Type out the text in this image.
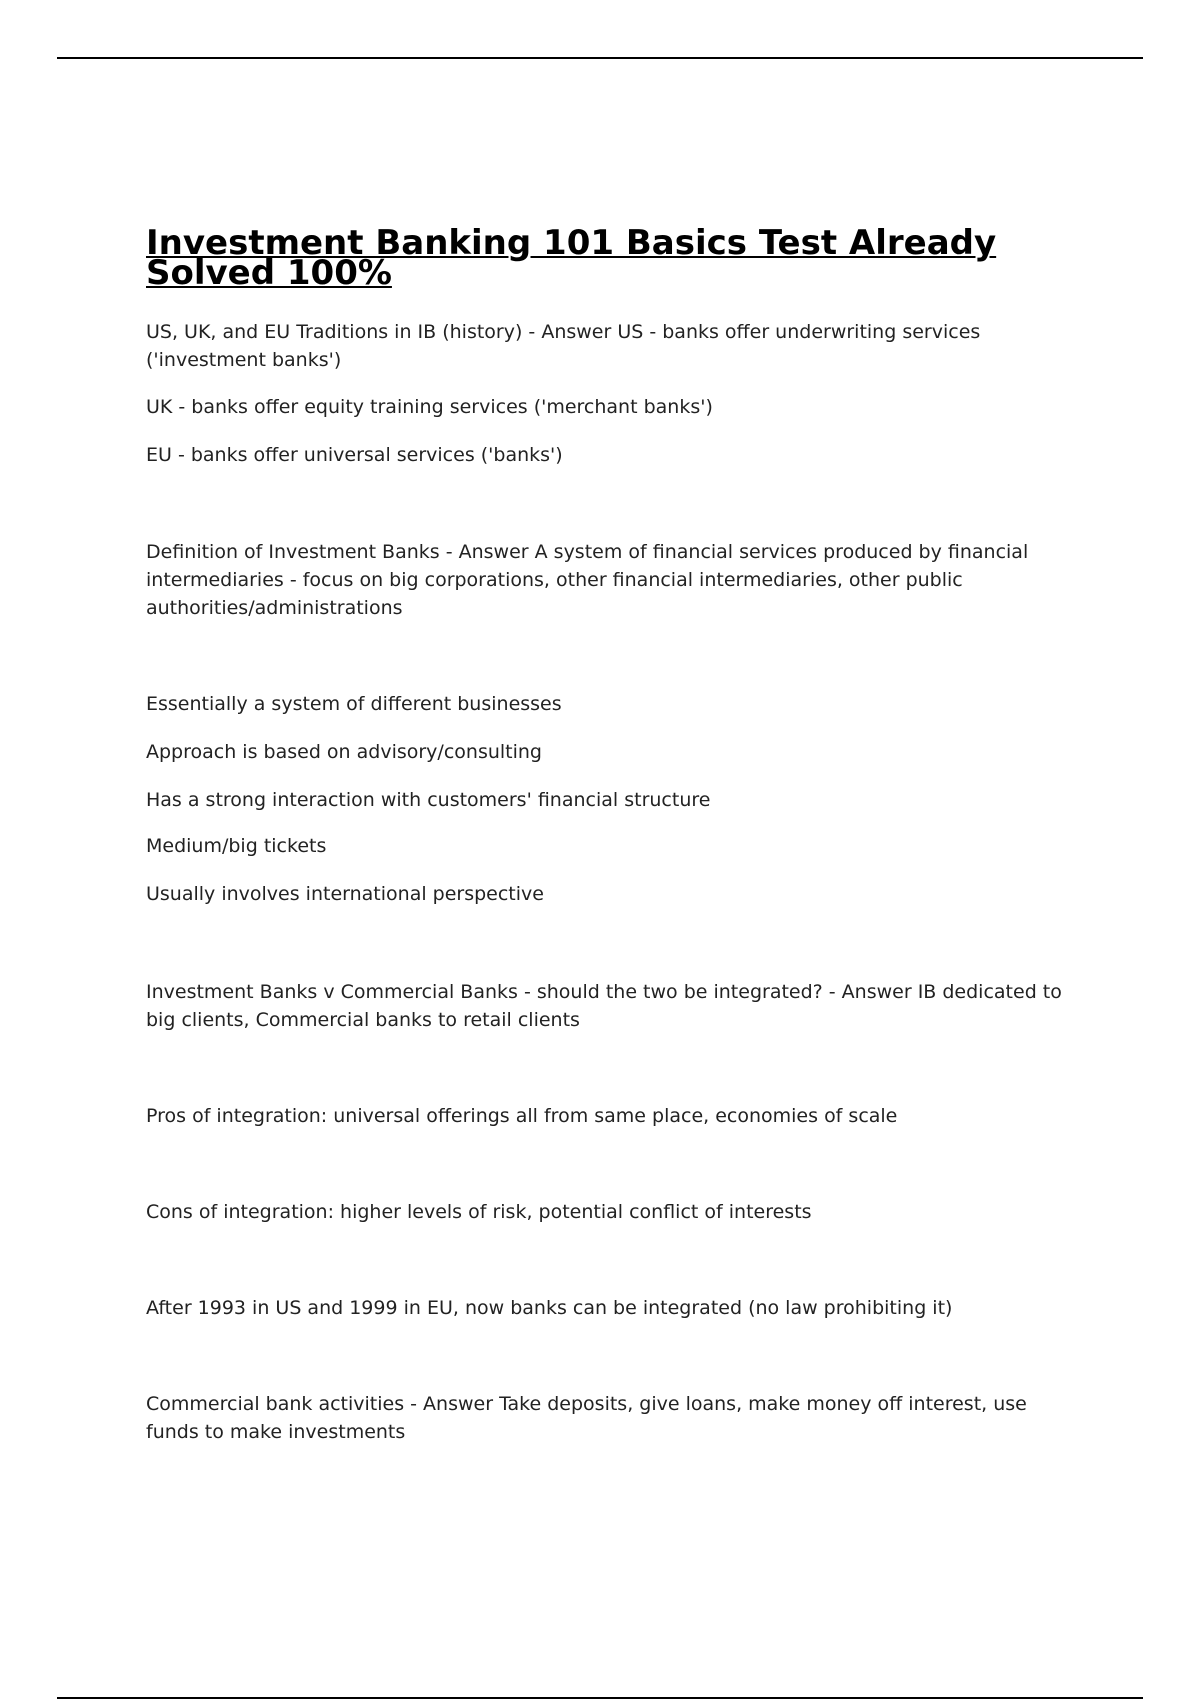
Investment Banking 101 Basics Test Already Solved 100%

US, UK, and EU Traditions in IB (history) - Answer US - banks offer underwriting services ('investment banks')

UK - banks offer equity training services ('merchant banks')

EU - banks offer universal services ('banks')

Definition of Investment Banks - Answer A system of financial services produced by financial intermediaries - focus on big corporations, other financial intermediaries, other public authorities/administrations

Essentially a system of different businesses

Approach is based on advisory/consulting

Has a strong interaction with customers' financial structure

Medium/big tickets

Usually involves international perspective

Investment Banks v Commercial Banks - should the two be integrated? - Answer IB dedicated to big clients, Commercial banks to retail clients

Pros of integration: universal offerings all from same place, economies of scale

Cons of integration: higher levels of risk, potential conflict of interests

After 1993 in US and 1999 in EU, now banks can be integrated (no law prohibiting it)

Commercial bank activities - Answer Take deposits, give loans, make money off interest, use funds to make investments
